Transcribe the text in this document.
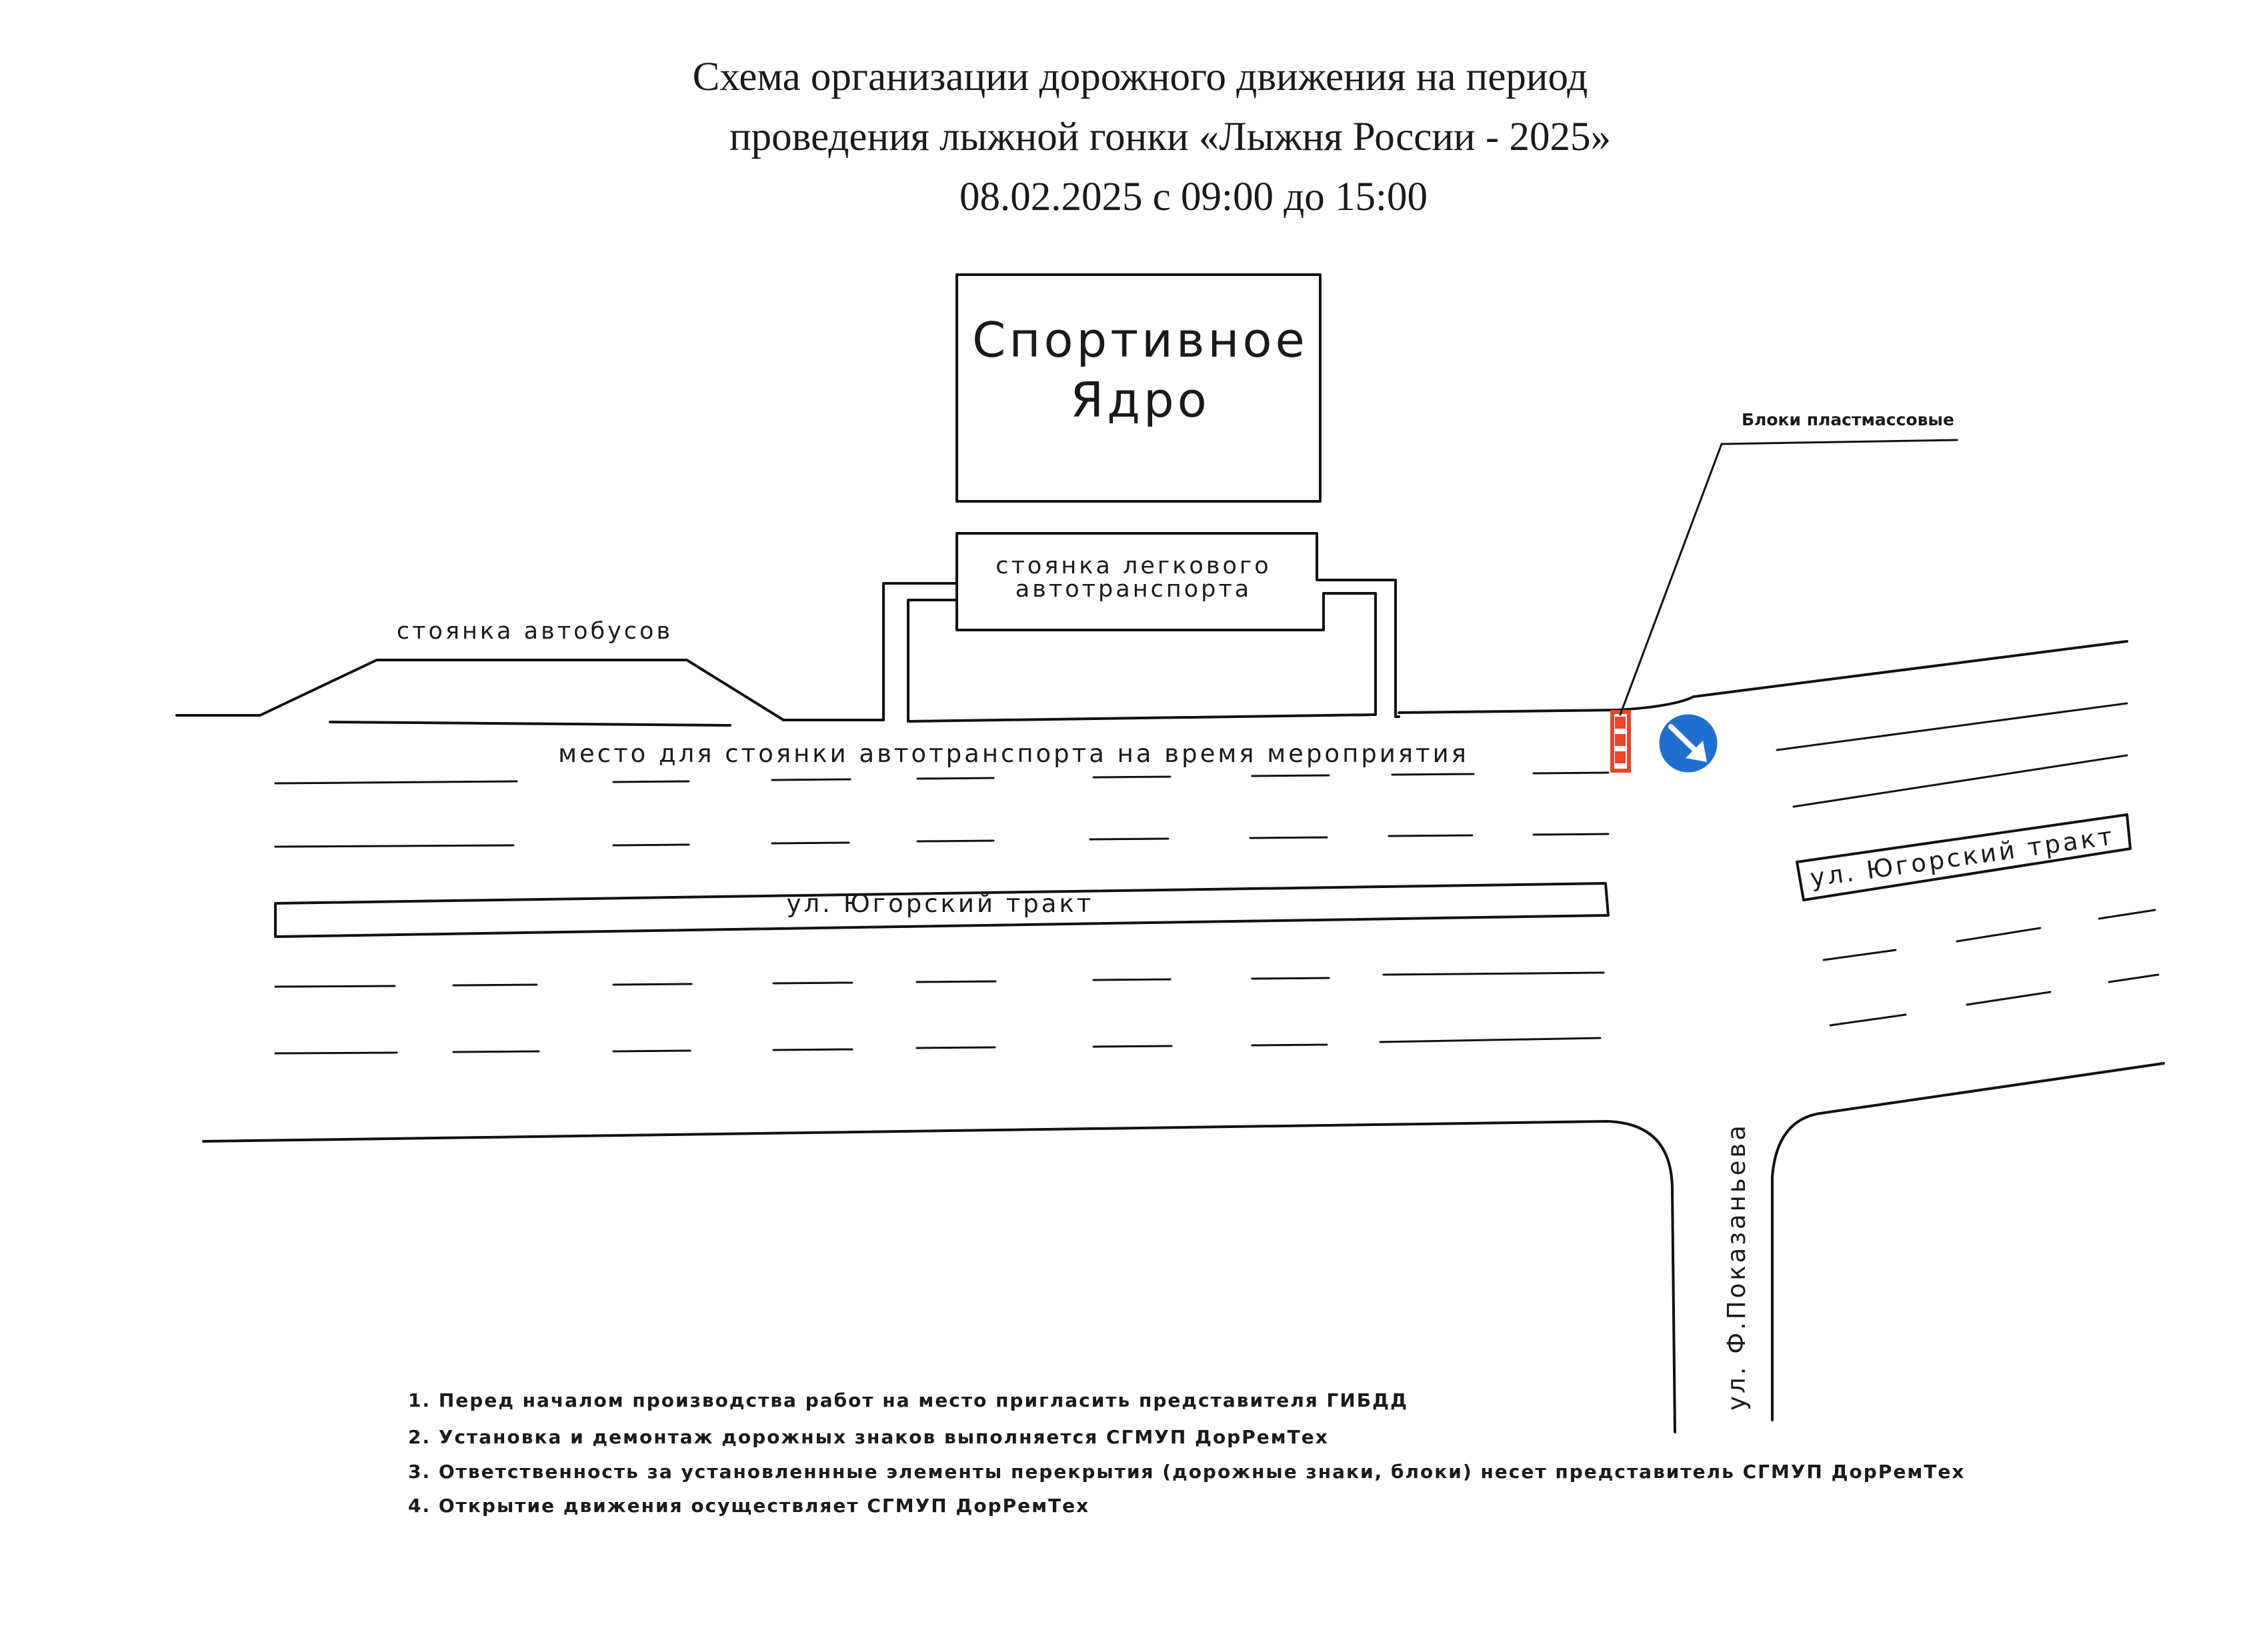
Схема организации дорожного движения на период
проведения лыжной гонки «Лыжня России - 2025»
08.02.2025 с 09:00 до 15:00
Спортивное
Ядро
стоянка легкового
автотранспорта
стоянка автобусов
ул. Югорский тракт
ул. Югорский тракт
место для стоянки автотранспорта на время мероприятия
ул. Ф.Показаньева
Блоки пластмассовые
1. Перед началом производства работ на место пригласить представителя ГИБДД
2. Установка и демонтаж дорожных знаков выполняется СГМУП ДорРемТех
3. Ответственность за установленнные элементы перекрытия (дорожные знаки, блоки) несет представитель СГМУП ДорРемТех
4. Открытие движения осуществляет СГМУП ДорРемТех
